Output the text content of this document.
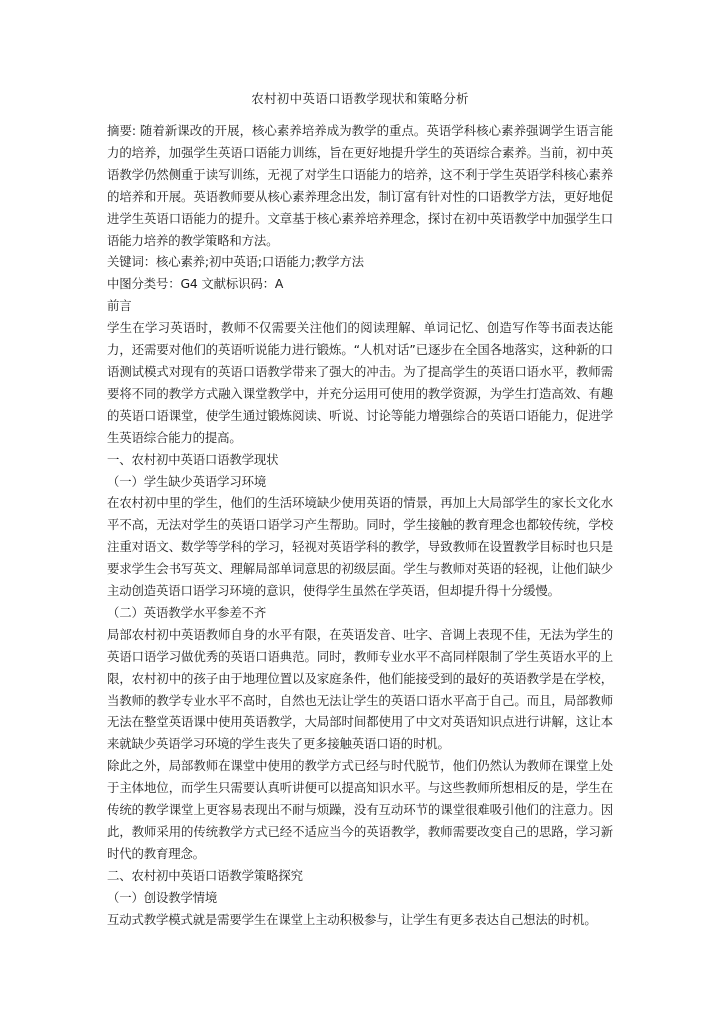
农村初中英语口语教学现状和策略分析

摘要: 随着新课改的开展，核心素养培养成为教学的重点。英语学科核心素养强调学生语言能力的培养，加强学生英语口语能力训练，旨在更好地提升学生的英语综合素养。当前，初中英语教学仍然侧重于读写训练，无视了对学生口语能力的培养，这不利于学生英语学科核心素养的培养和开展。英语教师要从核心素养理念出发，制订富有针对性的口语教学方法，更好地促进学生英语口语能力的提升。文章基于核心素养培养理念，探讨在初中英语教学中加强学生口语能力培养的教学策略和方法。

关键词：核心素养;初中英语;口语能力;教学方法

中图分类号：G4 文献标识码：A

前言

学生在学习英语时，教师不仅需要关注他们的阅读理解、单词记忆、创造写作等书面表达能力，还需要对他们的英语听说能力进行锻炼。“人机对话”已逐步在全国各地落实，这种新的口语测试模式对现有的英语口语教学带来了强大的冲击。为了提高学生的英语口语水平，教师需要将不同的教学方式融入课堂教学中，并充分运用可使用的教学资源，为学生打造高效、有趣的英语口语课堂，使学生通过锻炼阅读、听说、讨论等能力增强综合的英语口语能力，促进学生英语综合能力的提高。

一、农村初中英语口语教学现状

（一）学生缺少英语学习环境

在农村初中里的学生，他们的生活环境缺少使用英语的情景，再加上大局部学生的家长文化水平不高，无法对学生的英语口语学习产生帮助。同时，学生接触的教育理念也都较传统，学校注重对语文、数学等学科的学习，轻视对英语学科的教学，导致教师在设置教学目标时也只是要求学生会书写英文、理解局部单词意思的初级层面。学生与教师对英语的轻视，让他们缺少主动创造英语口语学习环境的意识，使得学生虽然在学英语，但却提升得十分缓慢。

（二）英语教学水平参差不齐

局部农村初中英语教师自身的水平有限，在英语发音、吐字、音调上表现不佳，无法为学生的英语口语学习做优秀的英语口语典范。同时，教师专业水平不高同样限制了学生英语水平的上限，农村初中的孩子由于地理位置以及家庭条件，他们能接受到的最好的英语教学是在学校，当教师的教学专业水平不高时，自然也无法让学生的英语口语水平高于自己。而且，局部教师无法在整堂英语课中使用英语教学，大局部时间都使用了中文对英语知识点进行讲解，这让本来就缺少英语学习环境的学生丧失了更多接触英语口语的时机。

除此之外，局部教师在课堂中使用的教学方式已经与时代脱节，他们仍然认为教师在课堂上处于主体地位，而学生只需要认真听讲便可以提高知识水平。与这些教师所想相反的是，学生在传统的教学课堂上更容易表现出不耐与烦躁，没有互动环节的课堂很难吸引他们的注意力。因此，教师采用的传统教学方式已经不适应当今的英语教学，教师需要改变自己的思路，学习新时代的教育理念。

二、农村初中英语口语教学策略探究

（一）创设教学情境

互动式教学模式就是需要学生在课堂上主动积极参与，让学生有更多表达自己想法的时机。
